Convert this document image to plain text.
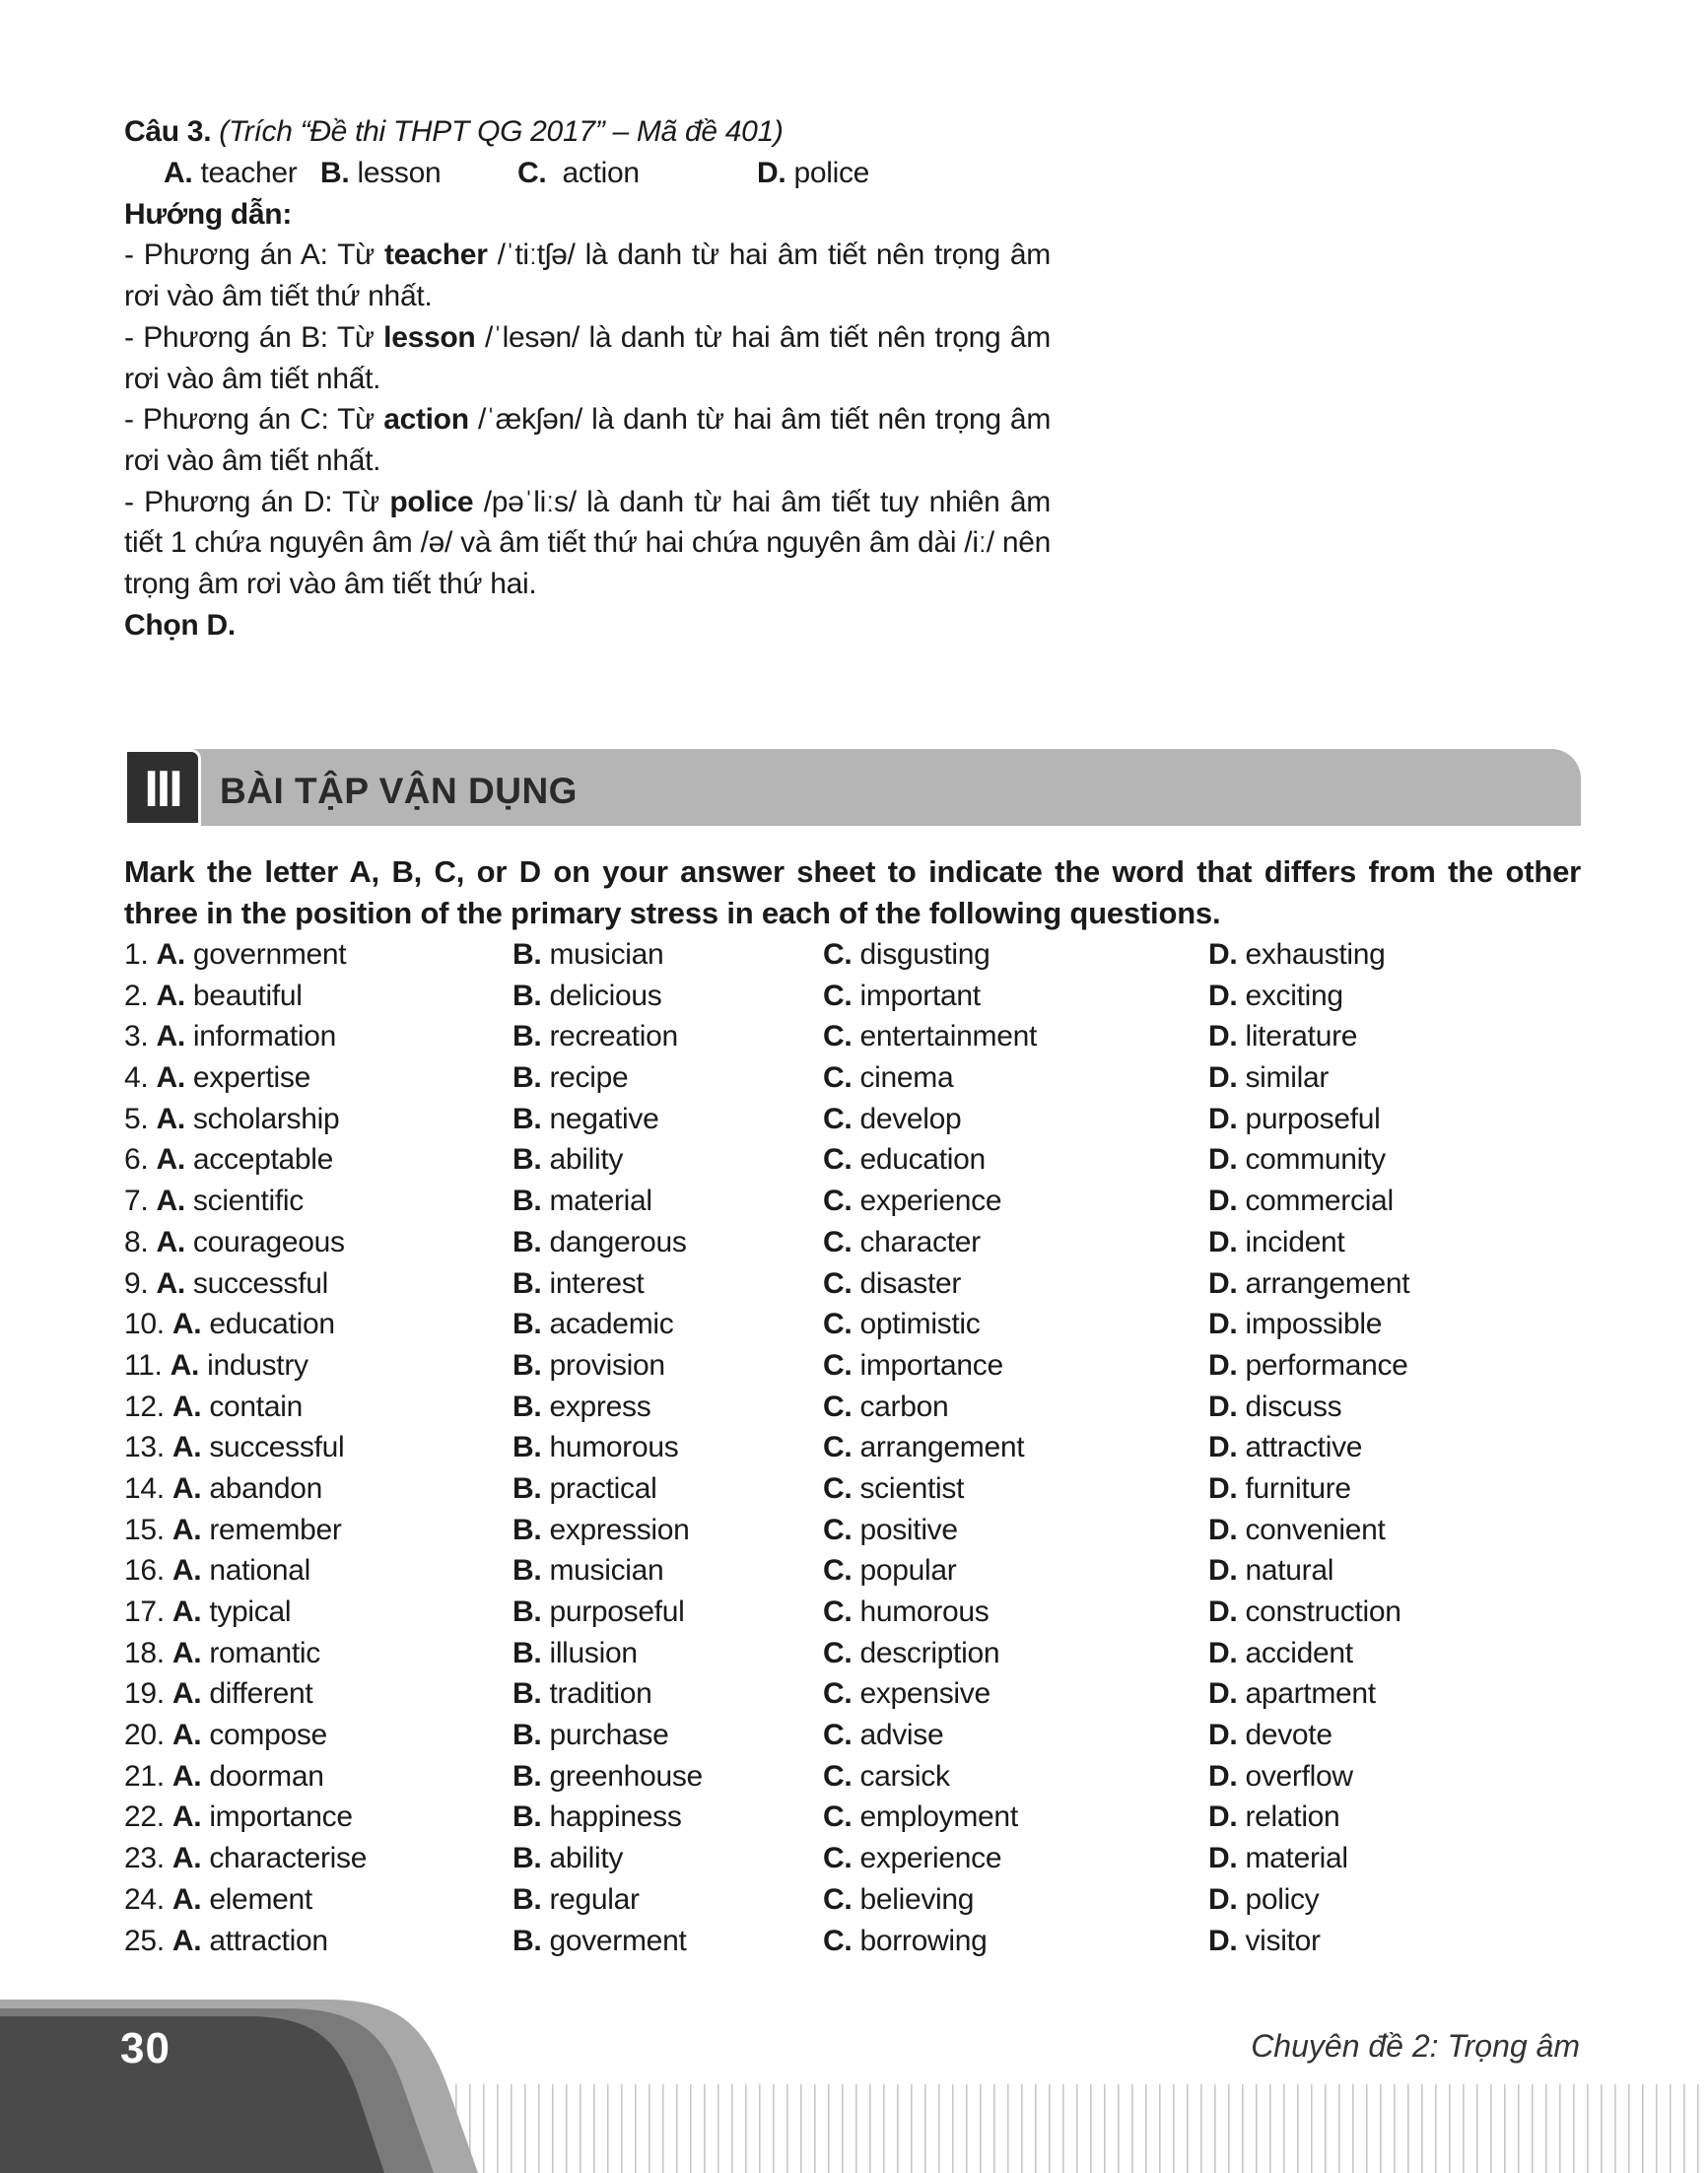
Câu 3. (Trích “Đề thi THPT QG 2017” – Mã đề 401)
A. teacher B. lesson	C. action	D. police
Hướng dẫn:
- Phương án A: Từ teacher /ˈtiːtʃə/ là danh từ hai âm tiết nên trọng âm rơi vào âm tiết thứ nhất.
- Phương án B: Từ lesson /ˈlesən/ là danh từ hai âm tiết nên trọng âm rơi vào âm tiết nhất.
- Phương án C: Từ action /ˈækʃən/ là danh từ hai âm tiết nên trọng âm rơi vào âm tiết nhất.
- Phương án D: Từ police /pəˈliːs/ là danh từ hai âm tiết tuy nhiên âm tiết 1 chứa nguyên âm /ə/ và âm tiết thứ hai chứa nguyên âm dài /iː/ nên trọng âm rơi vào âm tiết thứ hai.
Chọn D.
III	BÀI TẬP VẬN DỤNG
Mark the letter A, B, C, or D on your answer sheet to indicate the word that differs from the other three in the position of the primary stress in each of the following questions.
1. A. government	B. musician	C. disgusting	D. exhausting
2. A. beautiful	B. delicious	C. important	D. exciting
3. A. information	B. recreation	C. entertainment	D. literature
4. A. expertise	B. recipe	C. cinema	D. similar
5. A. scholarship	B. negative	C. develop	D. purposeful
6. A. acceptable	B. ability	C. education	D. community
7. A. scientific	B. material	C. experience	D. commercial
8. A. courageous	B. dangerous	C. character	D. incident
9. A. successful	B. interest	C. disaster	D. arrangement
10. A. education	B. academic	C. optimistic	D. impossible
11. A. industry	B. provision	C. importance	D. performance
12. A. contain	B. express	C. carbon	D. discuss
13. A. successful	B. humorous	C. arrangement	D. attractive
14. A. abandon	B. practical	C. scientist	D. furniture
15. A. remember	B. expression	C. positive	D. convenient
16. A. national	B. musician	C. popular	D. natural
17. A. typical	B. purposeful	C. humorous	D. construction
18. A. romantic	B. illusion	C. description	D. accident
19. A. different	B. tradition	C. expensive	D. apartment
20. A. compose	B. purchase	C. advise	D. devote
21. A. doorman	B. greenhouse	C. carsick	D. overflow
22. A. importance	B. happiness	C. employment	D. relation
23. A. characterise	B. ability	C. experience	D. material
24. A. element	B. regular	C. believing	D. policy
25. A. attraction	B. goverment	C. borrowing	D. visitor
30	Chuyên đề 2: Trọng âm
